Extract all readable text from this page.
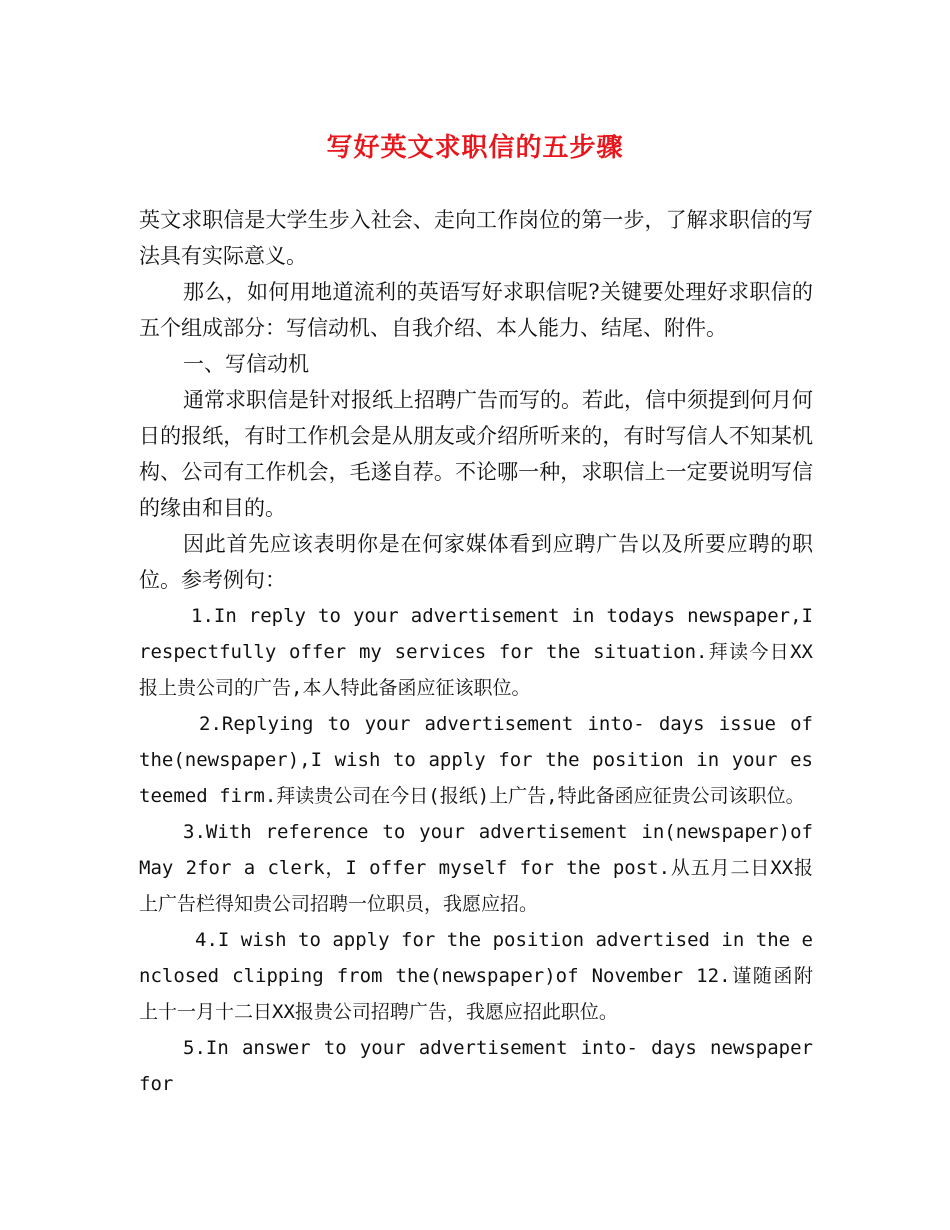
写好英文求职信的五步骤

英文求职信是大学生步入社会、走向工作岗位的第一步，了解求职信的写法具有实际意义。

那么，如何用地道流利的英语写好求职信呢?关键要处理好求职信的五个组成部分：写信动机、自我介绍、本人能力、结尾、附件。

一、写信动机

通常求职信是针对报纸上招聘广告而写的。若此，信中须提到何月何日的报纸，有时工作机会是从朋友或介绍所听来的，有时写信人不知某机构、公司有工作机会，毛遂自荐。不论哪一种，求职信上一定要说明写信的缘由和目的。

因此首先应该表明你是在何家媒体看到应聘广告以及所要应聘的职位。参考例句：

1.In reply to your advertisement in todays newspaper,I respectfully offer my services for the situation.拜读今日XX报上贵公司的广告,本人特此备函应征该职位。

2.Replying to your advertisement into- days issue of the(newspaper),I wish to apply for the position in your esteemed firm.拜读贵公司在今日(报纸)上广告,特此备函应征贵公司该职位。

3.With reference to your advertisement in(newspaper)of May 2for a clerk，I offer myself for the post.从五月二日XX报上广告栏得知贵公司招聘一位职员，我愿应招。

4.I wish to apply for the position advertised in the enclosed clipping from the(newspaper)of November 12.谨随函附上十一月十二日XX报贵公司招聘广告，我愿应招此职位。

5.In answer to your advertisement into- days newspaper for
